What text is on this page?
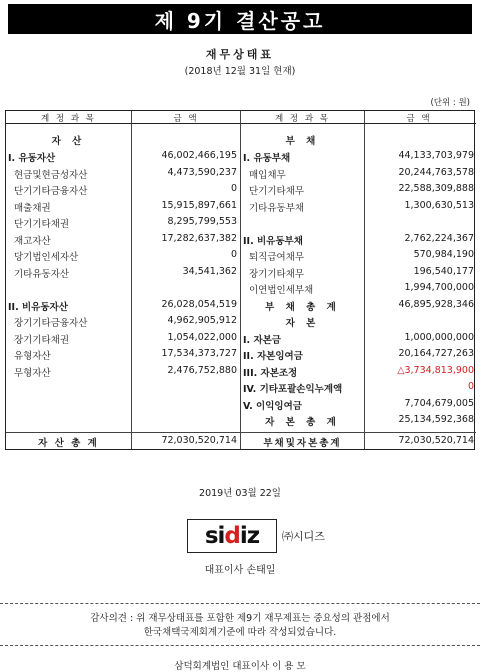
제 9기 결산공고
재무상태표
(2018년 12월 31일 현재)
(단위 : 원)
계 정 과 목	금 액
자 산
I. 유동자산	46,002,466,195
현금및현금성자산	4,473,590,237
단기기타금융자산	0
매출채권	15,915,897,661
단기기타채권	8,295,799,553
재고자산	17,282,637,382
당기법인세자산	0
기타유동자산	34,541,362
II. 비유동자산	26,028,054,519
장기기타금융자산	4,962,905,912
장기기타채권	1,054,022,000
유형자산	17,534,373,727
무형자산	2,476,752,880
자 산 총 계	72,030,520,714
계 정 과 목	금 액
부 채
I. 유동부채	44,133,703,979
매입채무	20,244,763,578
단기기타채무	22,588,309,888
기타유동부채	1,300,630,513
II. 비유동부채	2,762,224,367
퇴직급여채무	570,984,190
장기기타채무	196,540,177
이연법인세부채	1,994,700,000
부 채 총 계	46,895,928,346
자 본
I. 자본금	1,000,000,000
II. 자본잉여금	20,164,727,263
III. 자본조정	△3,734,813,900
IV. 기타포괄손익누계액	0
V. 이익잉여금	7,704,679,005
자 본 총 계	25,134,592,368
부채및자본총계	72,030,520,714
2019년 03월 22일
sidiz ㈜시디즈
대표이사 손태일
감사의견 : 위 재무상태표를 포함한 제9기 재무제표는 중요성의 관점에서
한국채택국제회계기준에 따라 작성되었습니다.
삼덕회계법인 대표이사 이 용 모
